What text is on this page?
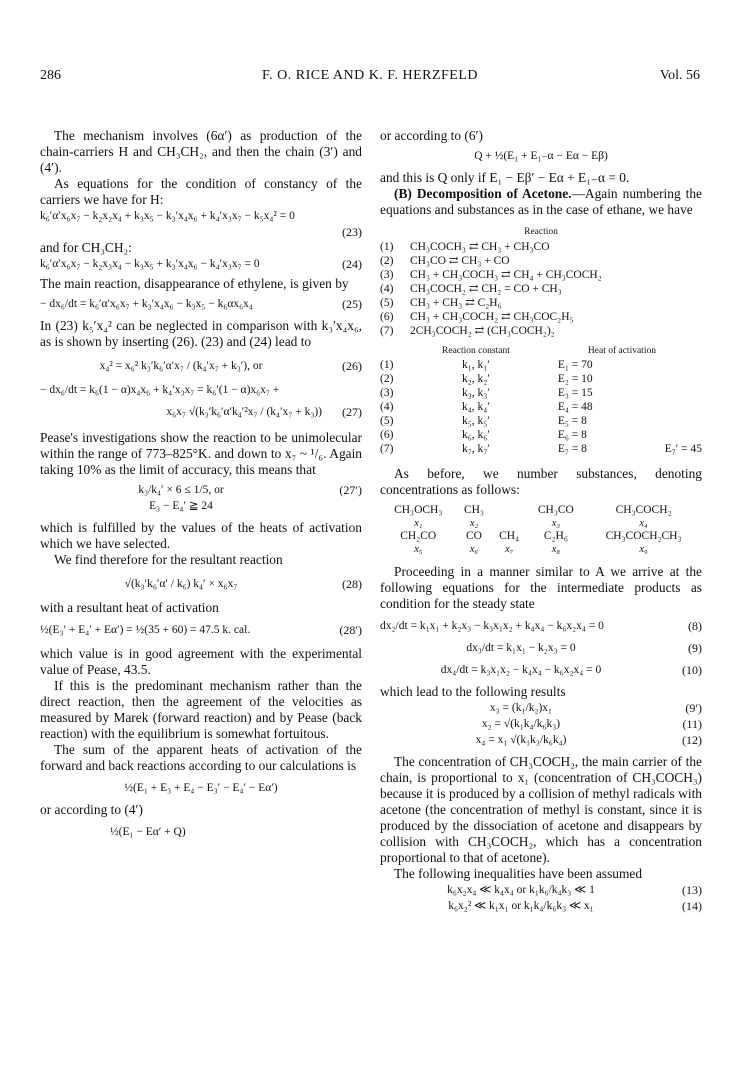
286	F. O. RICE AND K. F. HERZFELD	Vol. 56

The mechanism involves (6α′) as production of the chain-carriers H and CH₃CH₂, and then the chain (3′) and (4′).

As equations for the condition of constancy of the carriers we have for H:

k₆′α′x₆x₇ − k₂x₂x₄ + k₃x₅ − k₃′x₄x₆ + k₄′x₃x₇ − k₅x₄² = 0
(23)

and for CH₃CH₂:

k₆′α′x₆x₇ − k₂x₃x₄ − k₃x₅ + k₃′x₄x₆ − k₄′x₃x₇ = 0	(24)

The main reaction, disappearance of ethylene, is given by

− dx₆/dt = k₆′α′x₆x₇ + k₃′x₄x₆ − k₃x₅ − k₆αx₆x₄	(25)

In (23) k₅′x₄² can be neglected in comparison with k₃′x₄x₆, as is shown by inserting (26). (23) and (24) lead to

x₄² = x₆² k₃′k₆′α′x₇ / (k₄′x₇ + k₃′), or	(26)
− dx₆/dt = k₆(1 − α)x₄x₆ + k₄′x₃x₇ = k₆′(1 − α)x₆x₇ +
x₆x₇ √(k₃′k₆′α′k₄′²x₇ / (k₄′x₇ + k₃))	(27)

Pease's investigations show the reaction to be unimolecular within the range of 773–825°K. and down to x₇ ~ ¹/₆. Again taking 10% as the limit of accuracy, this means that

k₃/k₄′ × 6 ≤ 1/5, or	(27′)
E₃ − E₄′ ≧ 24

which is fulfilled by the values of the heats of activation which we have selected.

We find therefore for the resultant reaction

√(k₃′k₆′α′ / k₆) k₄′ × x₆x₇	(28)

with a resultant heat of activation

½(E₃′ + E₄′ + Eα′) = ½(35 + 60) = 47.5 k. cal.	(28′)

which value is in good agreement with the experimental value of Pease, 43.5.

If this is the predominant mechanism rather than the direct reaction, then the agreement of the velocities as measured by Marek (forward reaction) and by Pease (back reaction) with the equilibrium is somewhat fortuitous.

The sum of the apparent heats of activation of the forward and back reactions according to our calculations is

½(E₁ + E₃ + E₄ − E₃′ − E₄′ − Eα′)

or according to (4′)

½(E₁ − Eα′ + Q)

or according to (6′)

Q + ½(E₁ + E₁₋α − Eα − Eβ)

and this is Q only if E₁ − Eβ′ − Eα + E₁₋α = 0.

(B) Decomposition of Acetone.—Again numbering the equations and substances as in the case of ethane, we have

Reaction
(1)	CH₃COCH₃ ⇄ CH₃ + CH₃CO
(2)	CH₃CO ⇄ CH₃ + CO
(3)	CH₃ + CH₃COCH₃ ⇄ CH₄ + CH₃COCH₂
(4)	CH₃COCH₂ ⇄ CH₂ = CO + CH₃
(5)	CH₃ + CH₃ ⇄ C₂H₆
(6)	CH₃ + CH₃COCH₂ ⇄ CH₃COC₂H₅
(7)	2CH₃COCH₂ ⇄ (CH₃COCH₂)₂
	Reaction constant	Heat of activation
(1)	k₁, k₁′	E₁ = 70

(2)	k₂, k₂′	E₂ = 10

(3)	k₃, k₃′	E₃ = 15

(4)	k₄, k₄′	E₄ = 48

(5)	k₅, k₅′	E₅ = 8

(6)	k₆, k₆′	E₆ = 8

(7)	k₇, k₇′	E₇ = 8 E₇′ = 45

As before, we number substances, denoting concentrations as follows:

CH₃OCH₃	CH₃		CH₃CO	CH₃COCH₂
x₁	x₂		x₃	x₄
CH₂CO	CO	CH₄	C₂H₆	CH₃COCH₂CH₃
x₅	x₆	x₇	x₈	x₉

Proceeding in a manner similar to A we arrive at the following equations for the intermediate products as condition for the steady state

dx₂/dt = k₁x₁ + k₂x₃ − k₃x₁x₂ + k₄x₄ − k₆x₂x₄ = 0	(8)
dx₃/dt = k₁x₁ − k₂x₃ = 0	(9)
dx₄/dt = k₃x₁x₂ − k₄x₄ − k₆x₂x₄ = 0	(10)

which lead to the following results

x₃ = (k₁/k₂)x₁	(9′)
x₂ = √(k₁k₄/k₆k₃)	(11)
x₄ = x₁ √(k₁k₃/k₆k₄)	(12)

The concentration of CH₃COCH₂, the main carrier of the chain, is proportional to x₁ (concentration of CH₃COCH₃) because it is produced by a collision of methyl radicals with acetone (the concentration of methyl is constant, since it is produced by the dissociation of acetone and disappears by collision with CH₃COCH₂, which has a concentration proportional to that of acetone).

The following inequalities have been assumed

k₆x₂x₄ ≪ k₄x₄ or k₁k₆/k₄k₃ ≪ 1	(13)
k₆x₂² ≪ k₁x₁ or k₁k₄/k₆k₃ ≪ x₁	(14)
